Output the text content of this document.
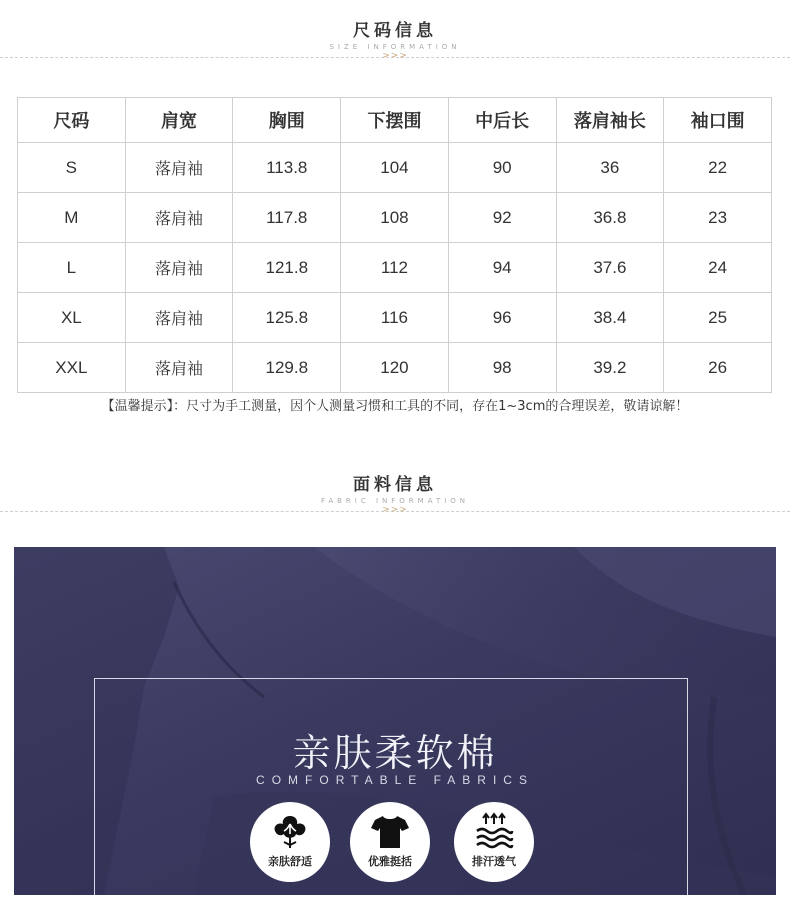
尺码信息
SIZE INFORMATION
>>>
尺码	肩宽	胸围	下摆围	中后长	落肩袖长	袖口围
S	落肩袖	113.8	104	90	36	22
M	落肩袖	117.8	108	92	36.8	23
L	落肩袖	121.8	112	94	37.6	24
XL	落肩袖	125.8	116	96	38.4	25
XXL	落肩袖	129.8	120	98	39.2	26
【温馨提示】：尺寸为手工测量，因个人测量习惯和工具的不同，存在1~3cm的合理误差，敬请谅解！
面料信息
FABRIC INFORMATION
>>>
亲肤柔软棉
COMFORTABLE FABRICS
亲肤舒适	优雅挺括	排汗透气
